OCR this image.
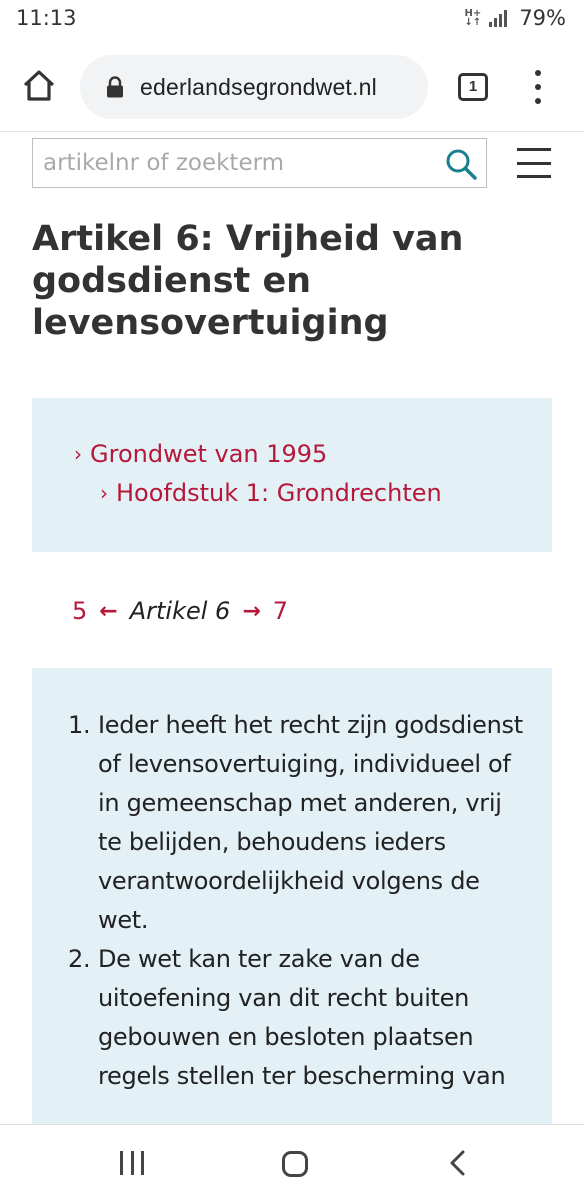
11:13	H+
↓↑ 79%
ederlandsegrondwet.nl	1
artikelnr of zoekterm
Artikel 6: Vrijheid van godsdienst en levensovertuiging
› Grondwet van 1995
› Hoofdstuk 1: Grondrechten
5 ← Artikel 6 → 7
1. Ieder heeft het recht zijn godsdienst of levensovertuiging, individueel of in gemeenschap met anderen, vrij te belijden, behoudens ieders verantwoordelijkheid volgens de wet.
2. De wet kan ter zake van de uitoefening van dit recht buiten gebouwen en besloten plaatsen regels stellen ter bescherming van
